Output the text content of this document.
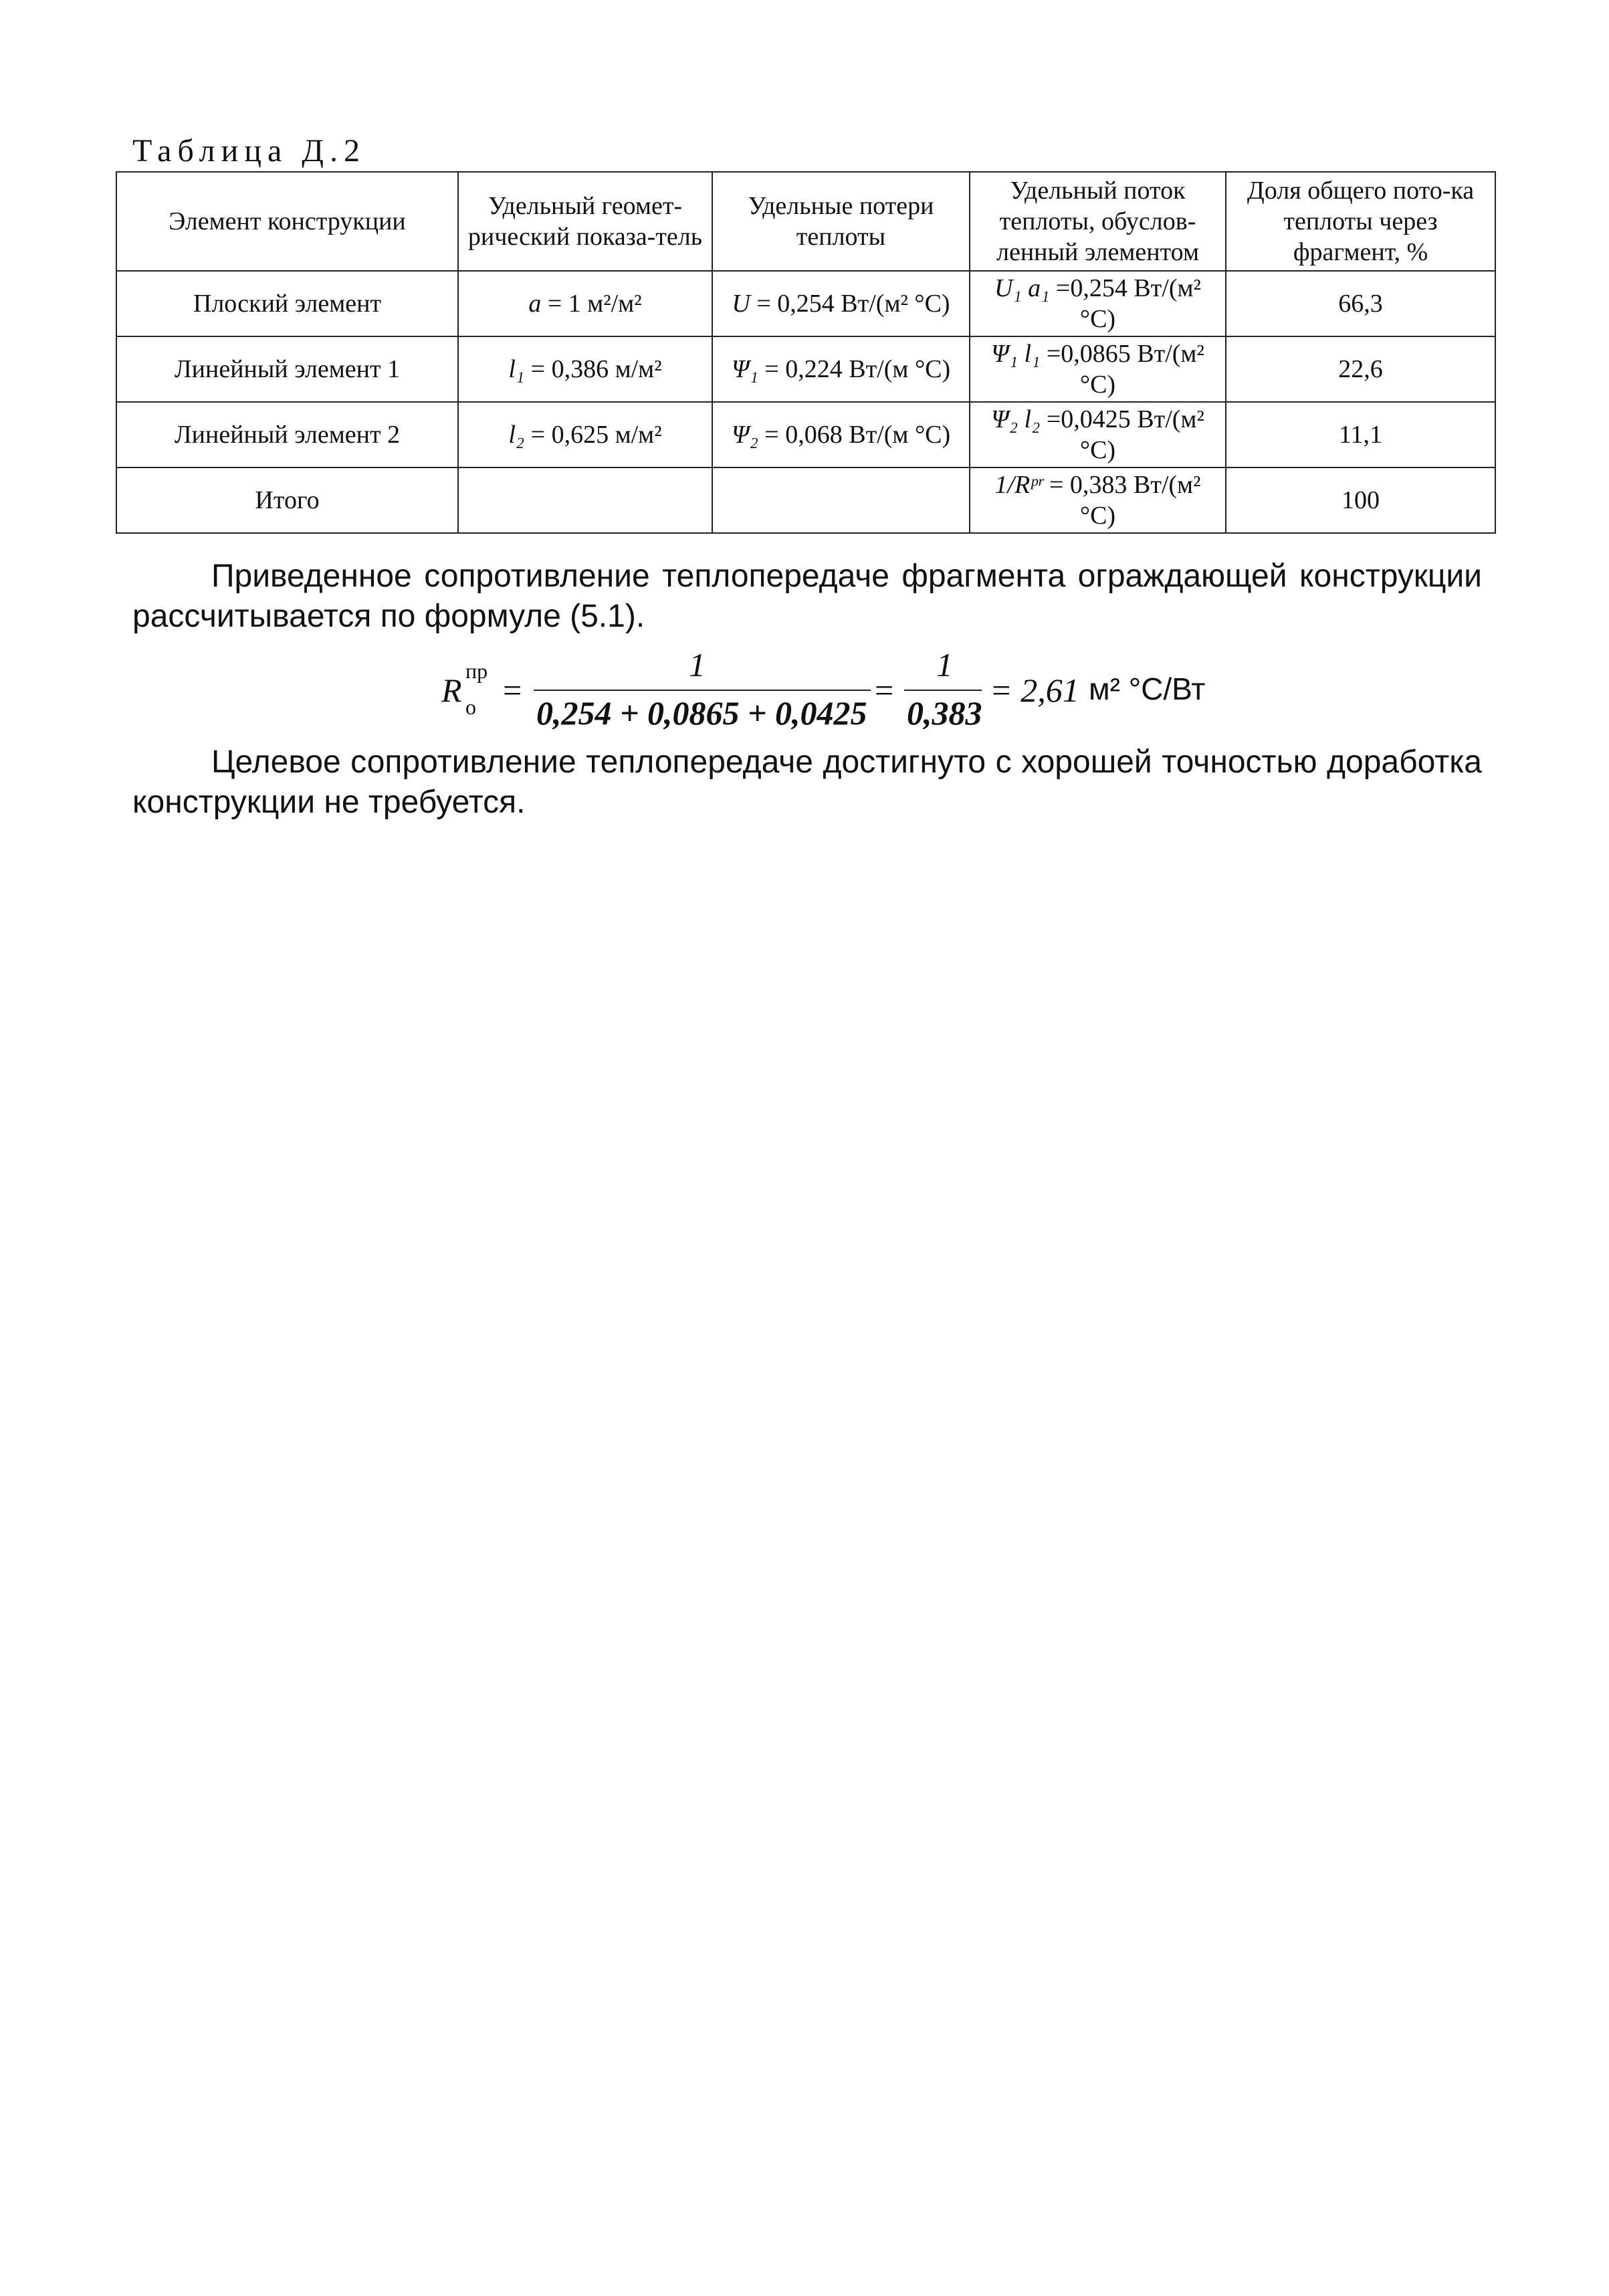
Таблица Д.2
Элемент конструкции	Удельный геомет-рический показа-тель	Удельные потери теплоты	Удельный поток теплоты, обуслов-ленный элементом	Доля общего пото-ка теплоты через фрагмент, %
Плоский элемент	a = 1 м²/м²	U = 0,254 Вт/(м² °С)	U₁ a₁ =0,254 Вт/(м² °С)	66,3
Линейный элемент 1	l₁ = 0,386 м/м²	Ψ₁ = 0,224 Вт/(м °С)	Ψ₁ l₁ =0,0865 Вт/(м² °С)	22,6
Линейный элемент 2	l₂ = 0,625 м/м²	Ψ₂ = 0,068 Вт/(м °С)	Ψ₂ l₂ =0,0425 Вт/(м² °С)	11,1
Итого			1/Rᵖʳ = 0,383 Вт/(м² °С)	100

Приведенное сопротивление теплопередаче фрагмента ограждающей конструкции рассчитывается по формуле (5.1).

R
пр
о =
1
0,254 + 0,0865 + 0,0425
=
1
0,383
= 2,61 м² °С/Вт

Целевое сопротивление теплопередаче достигнуто с хорошей точностью доработка конструкции не требуется.
